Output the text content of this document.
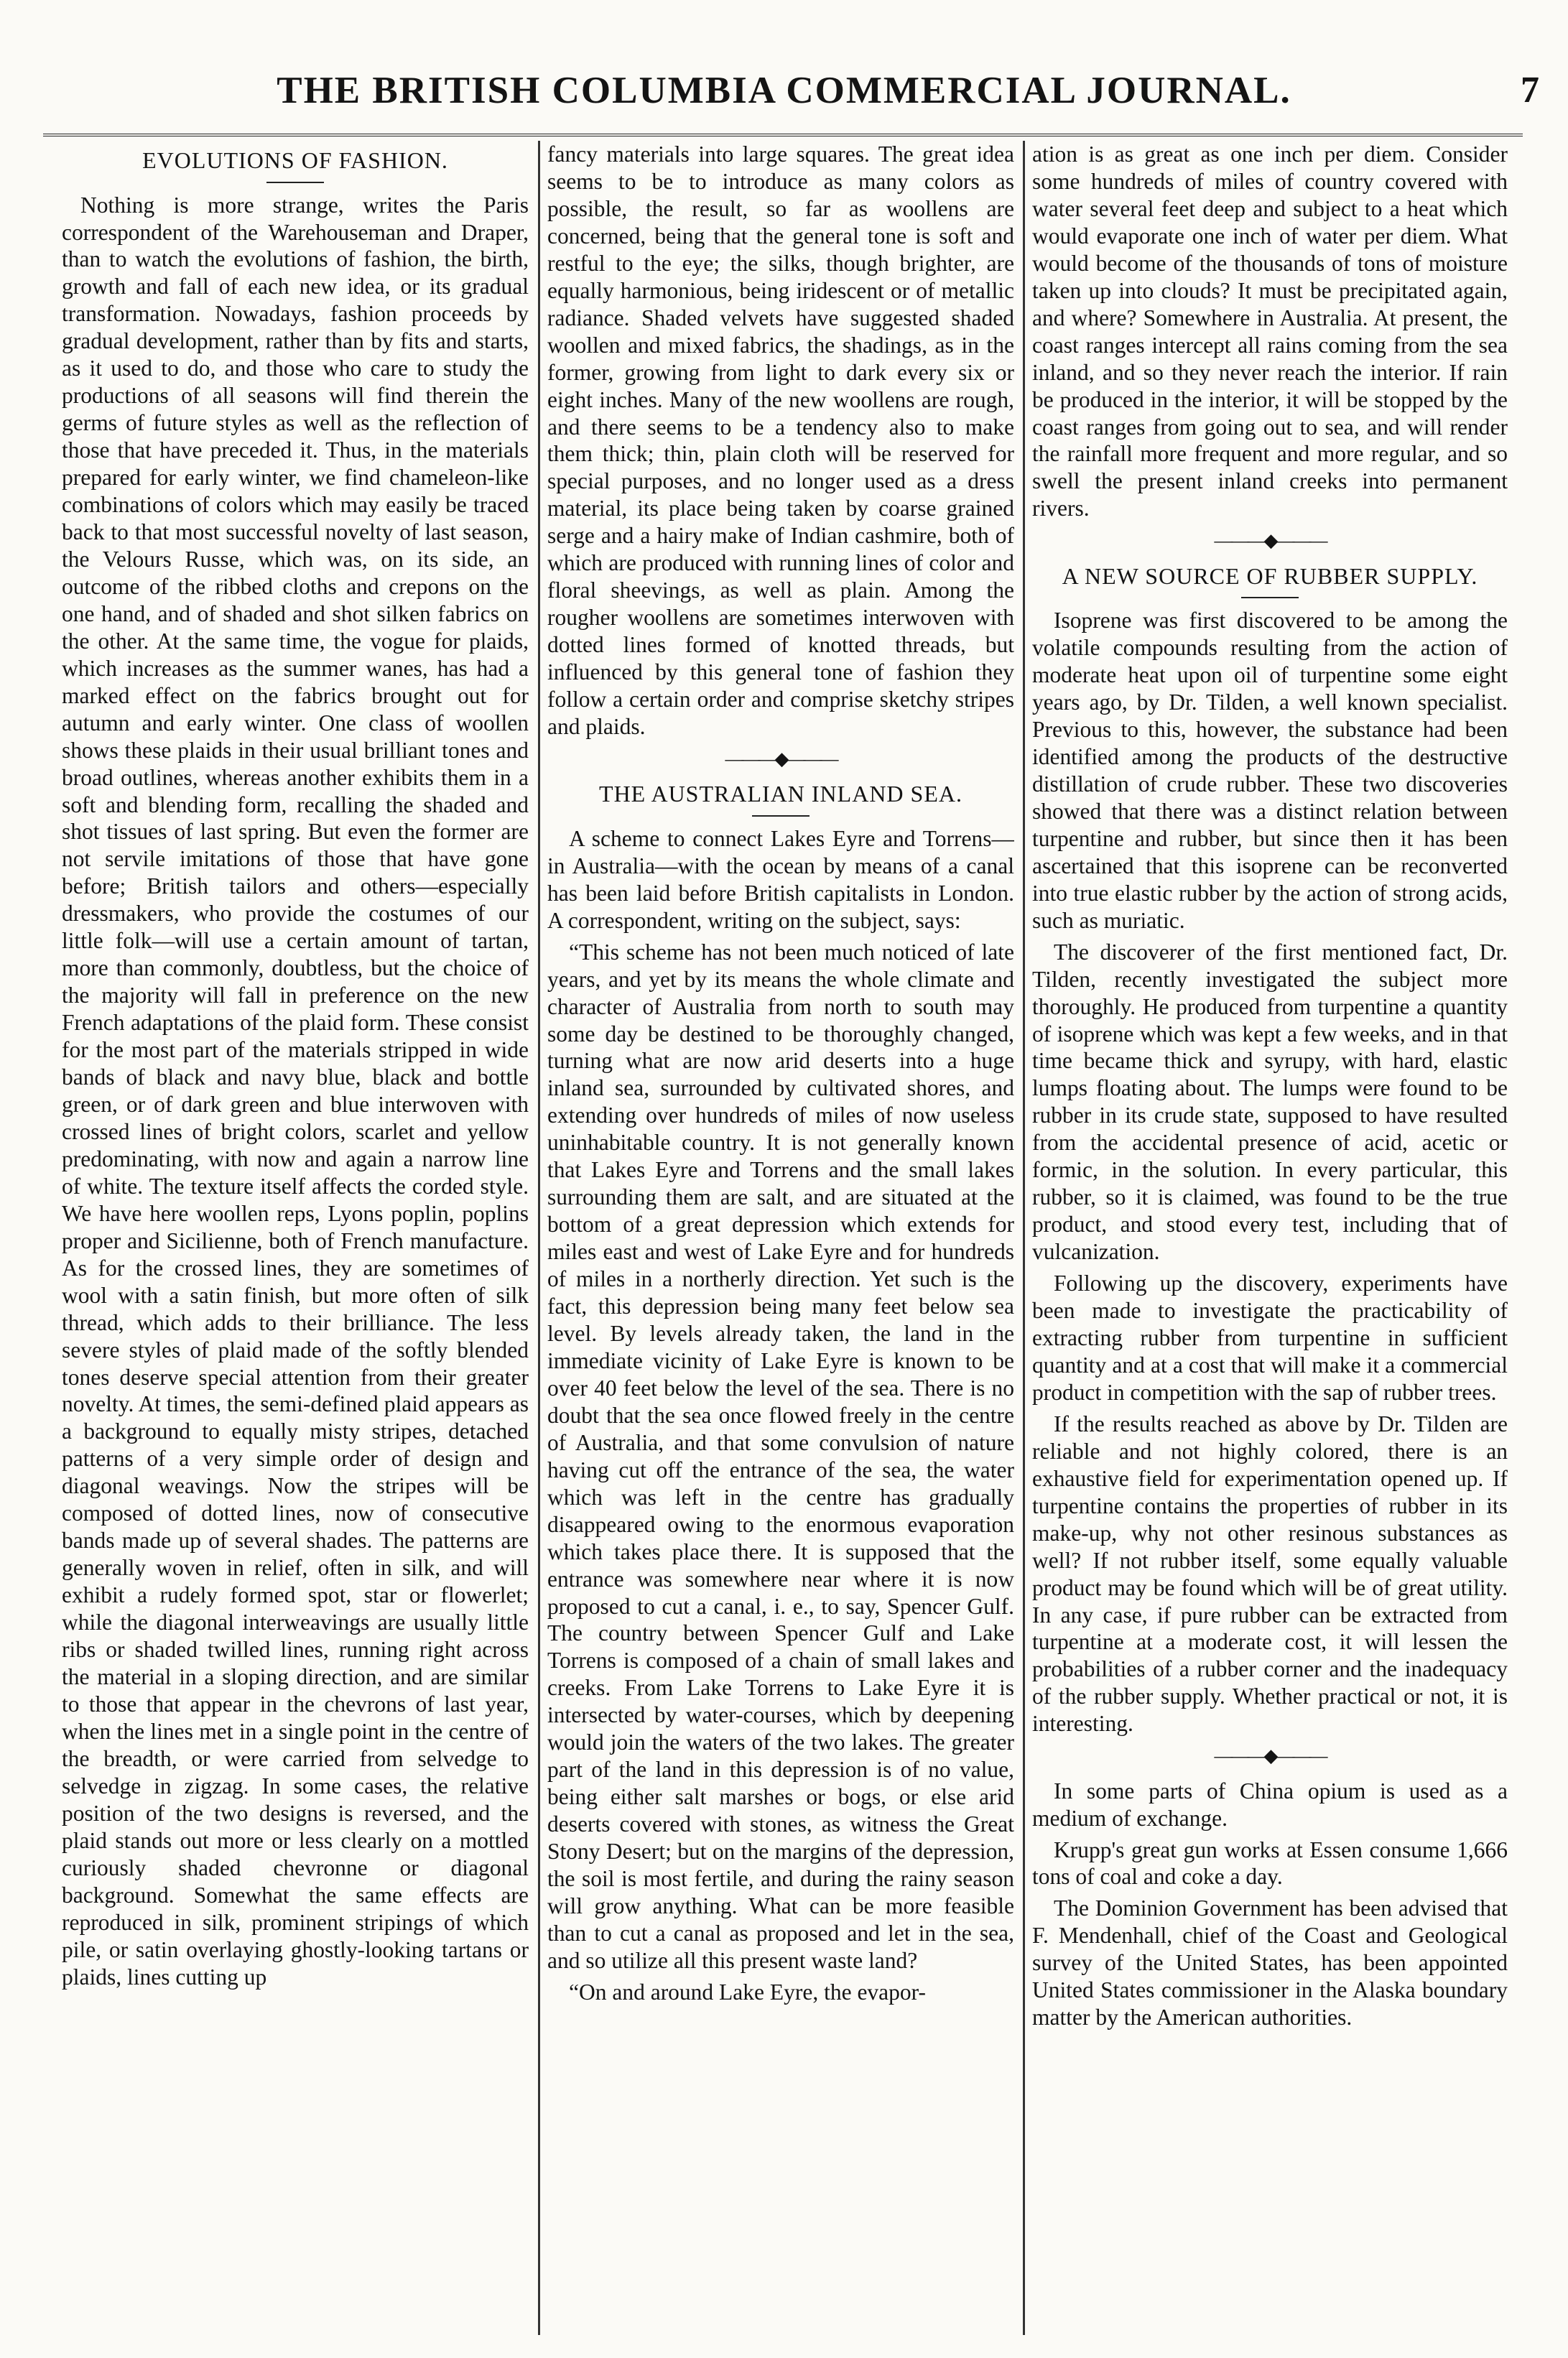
THE BRITISH COLUMBIA COMMERCIAL JOURNAL.	7
EVOLUTIONS OF FASHION.

Nothing is more strange, writes the Paris correspondent of the Warehouseman and Draper, than to watch the evolutions of fashion, the birth, growth and fall of each new idea, or its gradual transformation. Nowadays, fashion proceeds by gradual development, rather than by fits and starts, as it used to do, and those who care to study the productions of all seasons will find therein the germs of future styles as well as the reflection of those that have preceded it. Thus, in the materials prepared for early winter, we find chameleon-like combinations of colors which may easily be traced back to that most successful novelty of last season, the Velours Russe, which was, on its side, an outcome of the ribbed cloths and crepons on the one hand, and of shaded and shot silken fabrics on the other. At the same time, the vogue for plaids, which increases as the summer wanes, has had a marked effect on the fabrics brought out for autumn and early winter. One class of woollen shows these plaids in their usual brilliant tones and broad outlines, whereas another exhibits them in a soft and blending form, recalling the shaded and shot tissues of last spring. But even the former are not servile imitations of those that have gone before; British tailors and others—especially dressmakers, who provide the costumes of our little folk—will use a certain amount of tartan, more than commonly, doubtless, but the choice of the majority will fall in preference on the new French adaptations of the plaid form. These consist for the most part of the materials stripped in wide bands of black and navy blue, black and bottle green, or of dark green and blue interwoven with crossed lines of bright colors, scarlet and yellow predominating, with now and again a narrow line of white. The texture itself affects the corded style. We have here woollen reps, Lyons poplin, poplins proper and Sicilienne, both of French manufacture. As for the crossed lines, they are sometimes of wool with a satin finish, but more often of silk thread, which adds to their brilliance. The less severe styles of plaid made of the softly blended tones deserve special attention from their greater novelty. At times, the semi-defined plaid appears as a background to equally misty stripes, detached patterns of a very simple order of design and diagonal weavings. Now the stripes will be composed of dotted lines, now of consecutive bands made up of several shades. The patterns are generally woven in relief, often in silk, and will exhibit a rudely formed spot, star or flowerlet; while the diagonal interweavings are usually little ribs or shaded twilled lines, running right across the material in a sloping direction, and are similar to those that appear in the chevrons of last year, when the lines met in a single point in the centre of the breadth, or were carried from selvedge to selvedge in zigzag. In some cases, the relative position of the two designs is reversed, and the plaid stands out more or less clearly on a mottled curiously shaded chevronne or diagonal background. Somewhat the same effects are reproduced in silk, prominent stripings of which pile, or satin overlaying ghostly-looking tartans or plaids, lines cutting up

fancy materials into large squares. The great idea seems to be to introduce as many colors as possible, the result, so far as woollens are concerned, being that the general tone is soft and restful to the eye; the silks, though brighter, are equally harmonious, being iridescent or of metallic radiance. Shaded velvets have suggested shaded woollen and mixed fabrics, the shadings, as in the former, growing from light to dark every six or eight inches. Many of the new woollens are rough, and there seems to be a tendency also to make them thick; thin, plain cloth will be reserved for special purposes, and no longer used as a dress material, its place being taken by coarse grained serge and a hairy make of Indian cashmire, both of which are produced with running lines of color and floral sheevings, as well as plain. Among the rougher woollens are sometimes interwoven with dotted lines formed of knotted threads, but influenced by this general tone of fashion they follow a certain order and comprise sketchy stripes and plaids.

———◆———
THE AUSTRALIAN INLAND SEA.

A scheme to connect Lakes Eyre and Torrens—in Australia—with the ocean by means of a canal has been laid before British capitalists in London. A correspondent, writing on the subject, says:

“This scheme has not been much noticed of late years, and yet by its means the whole climate and character of Australia from north to south may some day be destined to be thoroughly changed, turning what are now arid deserts into a huge inland sea, surrounded by cultivated shores, and extending over hundreds of miles of now useless uninhabitable country. It is not generally known that Lakes Eyre and Torrens and the small lakes surrounding them are salt, and are situated at the bottom of a great depression which extends for miles east and west of Lake Eyre and for hundreds of miles in a northerly direction. Yet such is the fact, this depression being many feet below sea level. By levels already taken, the land in the immediate vicinity of Lake Eyre is known to be over 40 feet below the level of the sea. There is no doubt that the sea once flowed freely in the centre of Australia, and that some convulsion of nature having cut off the entrance of the sea, the water which was left in the centre has gradually disappeared owing to the enormous evaporation which takes place there. It is supposed that the entrance was somewhere near where it is now proposed to cut a canal, i. e., to say, Spencer Gulf. The country between Spencer Gulf and Lake Torrens is composed of a chain of small lakes and creeks. From Lake Torrens to Lake Eyre it is intersected by water-courses, which by deepening would join the waters of the two lakes. The greater part of the land in this depression is of no value, being either salt marshes or bogs, or else arid deserts covered with stones, as witness the Great Stony Desert; but on the margins of the depression, the soil is most fertile, and during the rainy season will grow anything. What can be more feasible than to cut a canal as proposed and let in the sea, and so utilize all this present waste land?

“On and around Lake Eyre, the evapor-

ation is as great as one inch per diem. Consider some hundreds of miles of country covered with water several feet deep and subject to a heat which would evaporate one inch of water per diem. What would become of the thousands of tons of moisture taken up into clouds? It must be precipitated again, and where? Somewhere in Australia. At present, the coast ranges intercept all rains coming from the sea inland, and so they never reach the interior. If rain be produced in the interior, it will be stopped by the coast ranges from going out to sea, and will render the rainfall more frequent and more regular, and so swell the present inland creeks into permanent rivers.

———◆———
A NEW SOURCE OF RUBBER SUPPLY.

Isoprene was first discovered to be among the volatile compounds resulting from the action of moderate heat upon oil of turpentine some eight years ago, by Dr. Tilden, a well known specialist. Previous to this, however, the substance had been identified among the products of the destructive distillation of crude rubber. These two discoveries showed that there was a distinct relation between turpentine and rubber, but since then it has been ascertained that this isoprene can be reconverted into true elastic rubber by the action of strong acids, such as muriatic.

The discoverer of the first mentioned fact, Dr. Tilden, recently investigated the subject more thoroughly. He produced from turpentine a quantity of isoprene which was kept a few weeks, and in that time became thick and syrupy, with hard, elastic lumps floating about. The lumps were found to be rubber in its crude state, supposed to have resulted from the accidental presence of acid, acetic or formic, in the solution. In every particular, this rubber, so it is claimed, was found to be the true product, and stood every test, including that of vulcanization.

Following up the discovery, experiments have been made to investigate the practicability of extracting rubber from turpentine in sufficient quantity and at a cost that will make it a commercial product in competition with the sap of rubber trees.

If the results reached as above by Dr. Tilden are reliable and not highly colored, there is an exhaustive field for experimentation opened up. If turpentine contains the properties of rubber in its make-up, why not other resinous substances as well? If not rubber itself, some equally valuable product may be found which will be of great utility. In any case, if pure rubber can be extracted from turpentine at a moderate cost, it will lessen the probabilities of a rubber corner and the inadequacy of the rubber supply. Whether practical or not, it is interesting.

———◆———

In some parts of China opium is used as a medium of exchange.

Krupp's great gun works at Essen consume 1,666 tons of coal and coke a day.

The Dominion Government has been advised that F. Mendenhall, chief of the Coast and Geological survey of the United States, has been appointed United States commissioner in the Alaska boundary matter by the American authorities.
